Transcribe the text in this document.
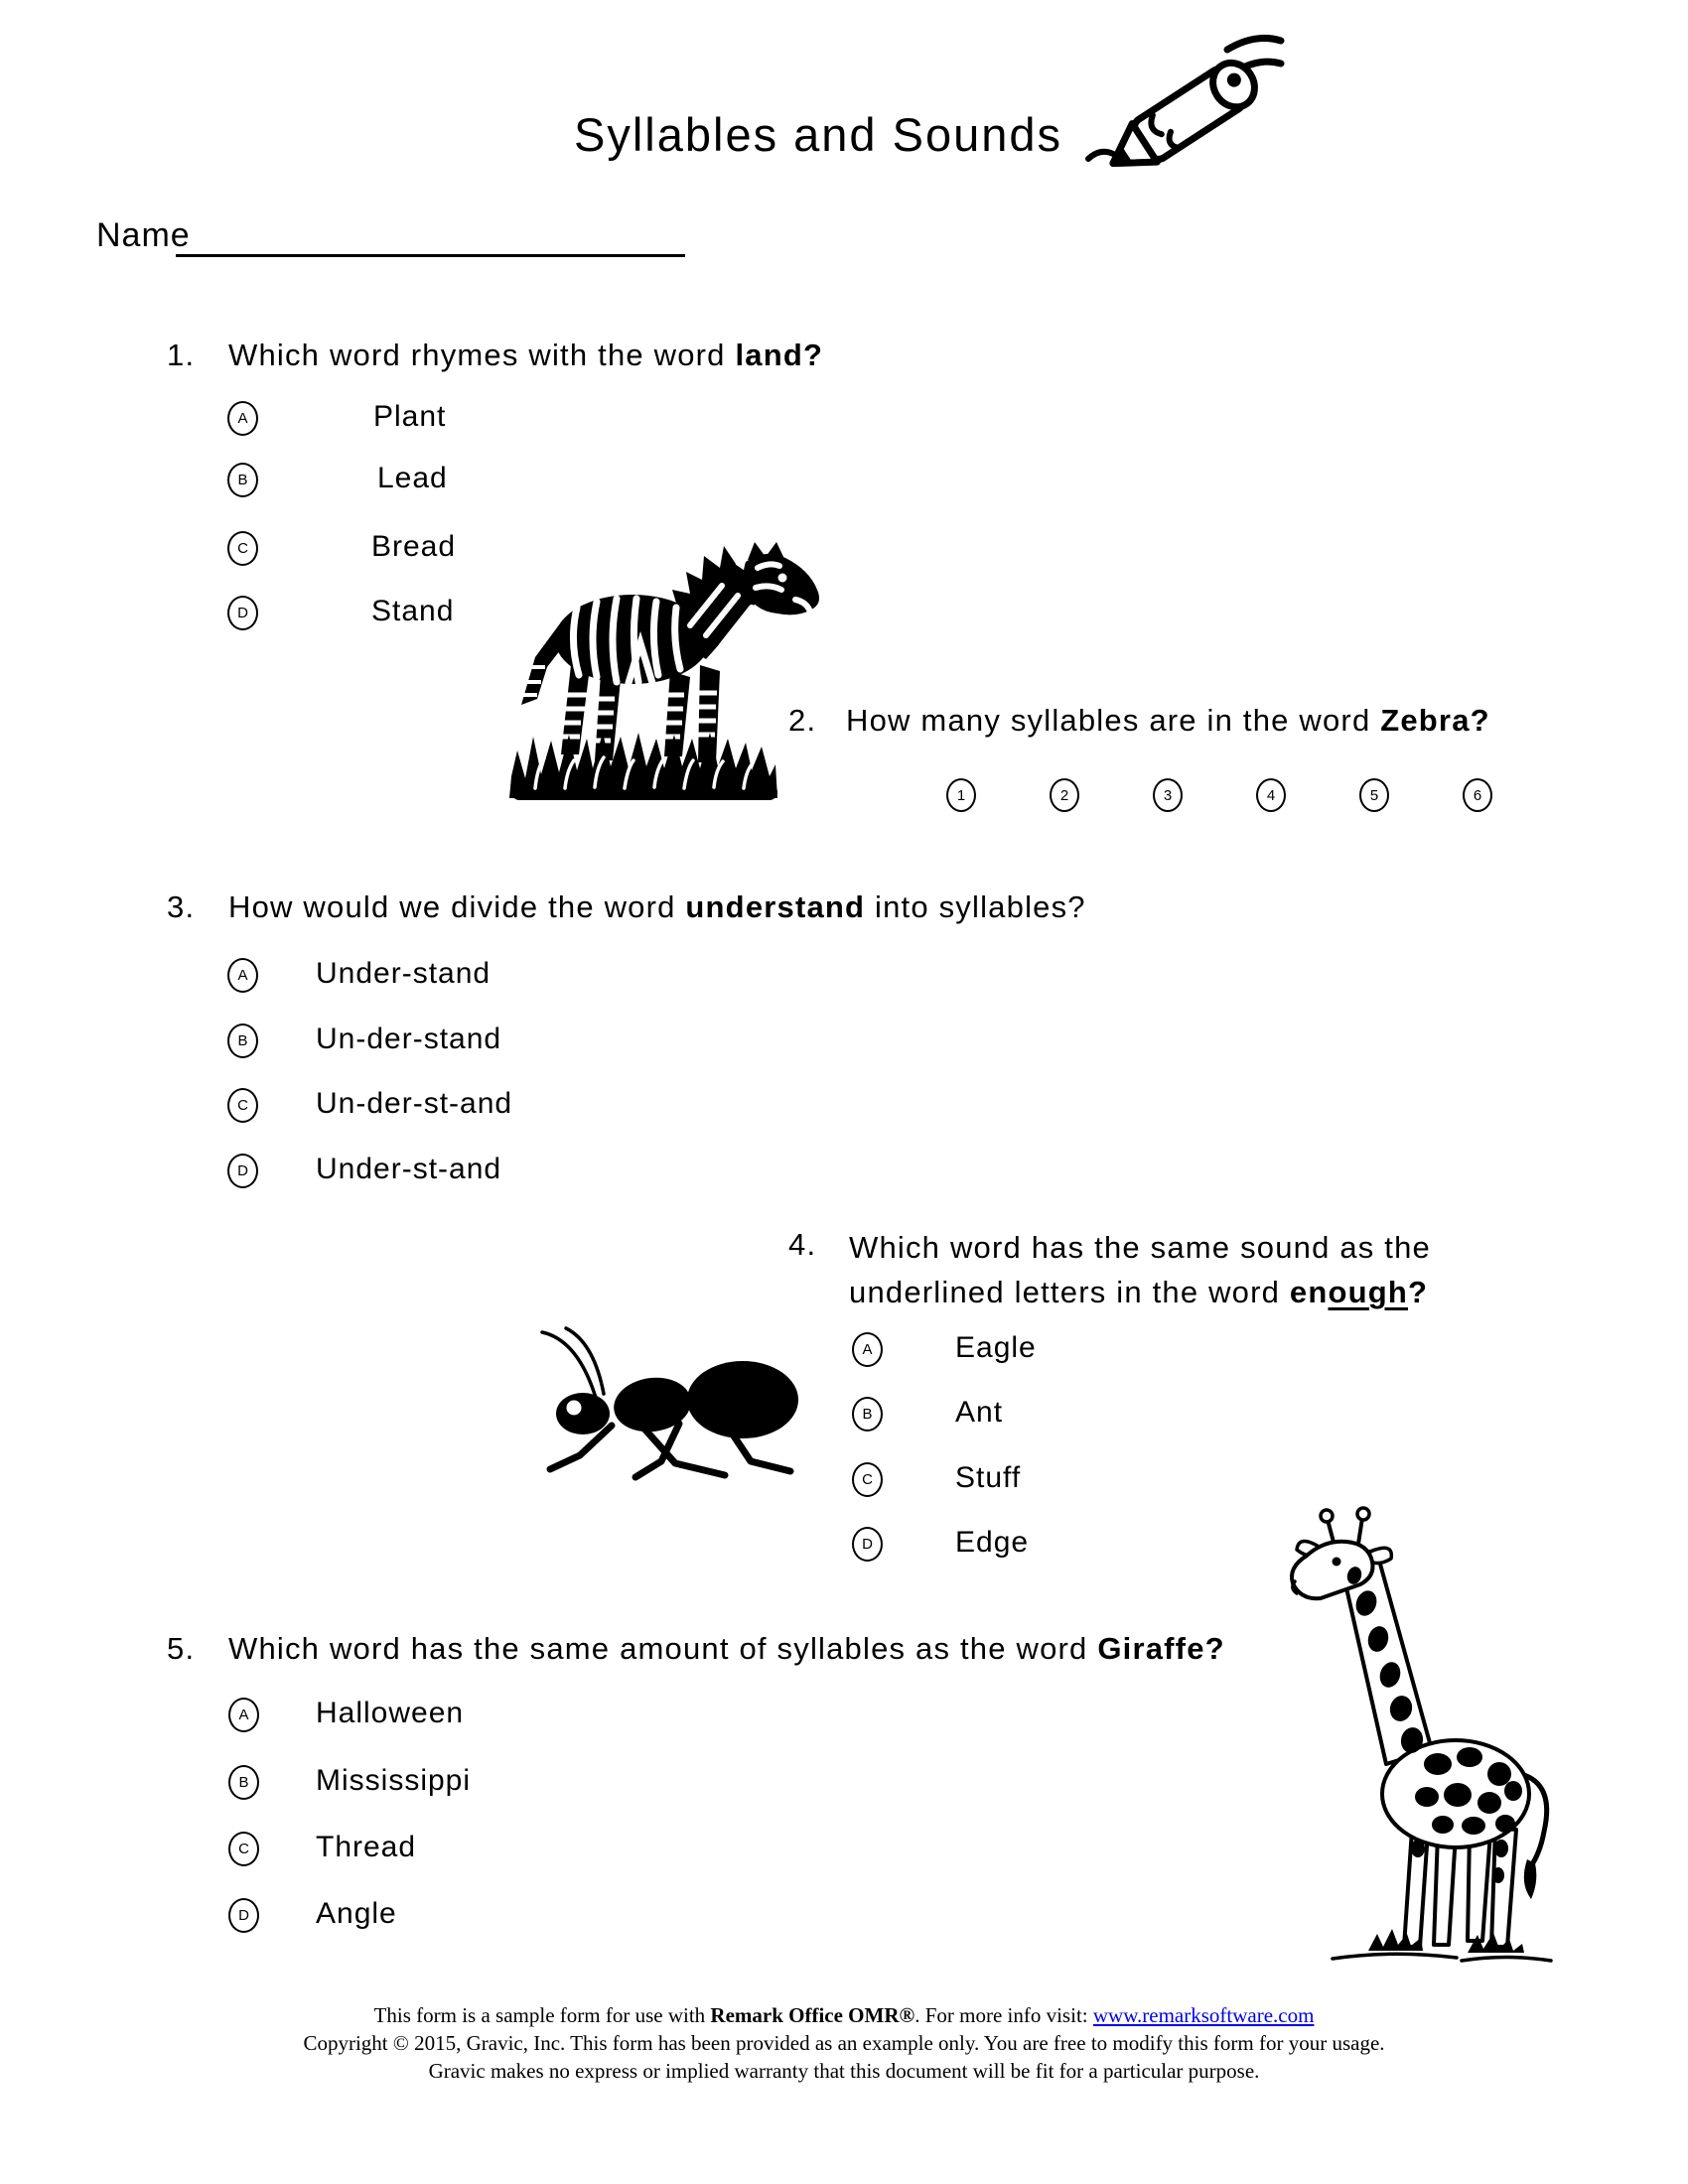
Syllables and Sounds
Name
1. Which word rhymes with the word land?
A	Plant
B	Lead
C	Bread
D	Stand
2. How many syllables are in the word Zebra?
1	2	3	4	5	6
3. How would we divide the word understand into syllables?
A Under-stand
B Un-der-stand
C Un-der-st-and
D Under-st-and
4. Which word has the same sound as the underlined letters in the word enough?
A	Eagle
B	Ant
C	Stuff
D	Edge
5. Which word has the same amount of syllables as the word Giraffe?
A Halloween
B Mississippi
C Thread
D Angle
This form is a sample form for use with Remark Office OMR®. For more info visit: www.remarksoftware.com
Copyright © 2015, Gravic, Inc. This form has been provided as an example only. You are free to modify this form for your usage.
Gravic makes no express or implied warranty that this document will be fit for a particular purpose.
